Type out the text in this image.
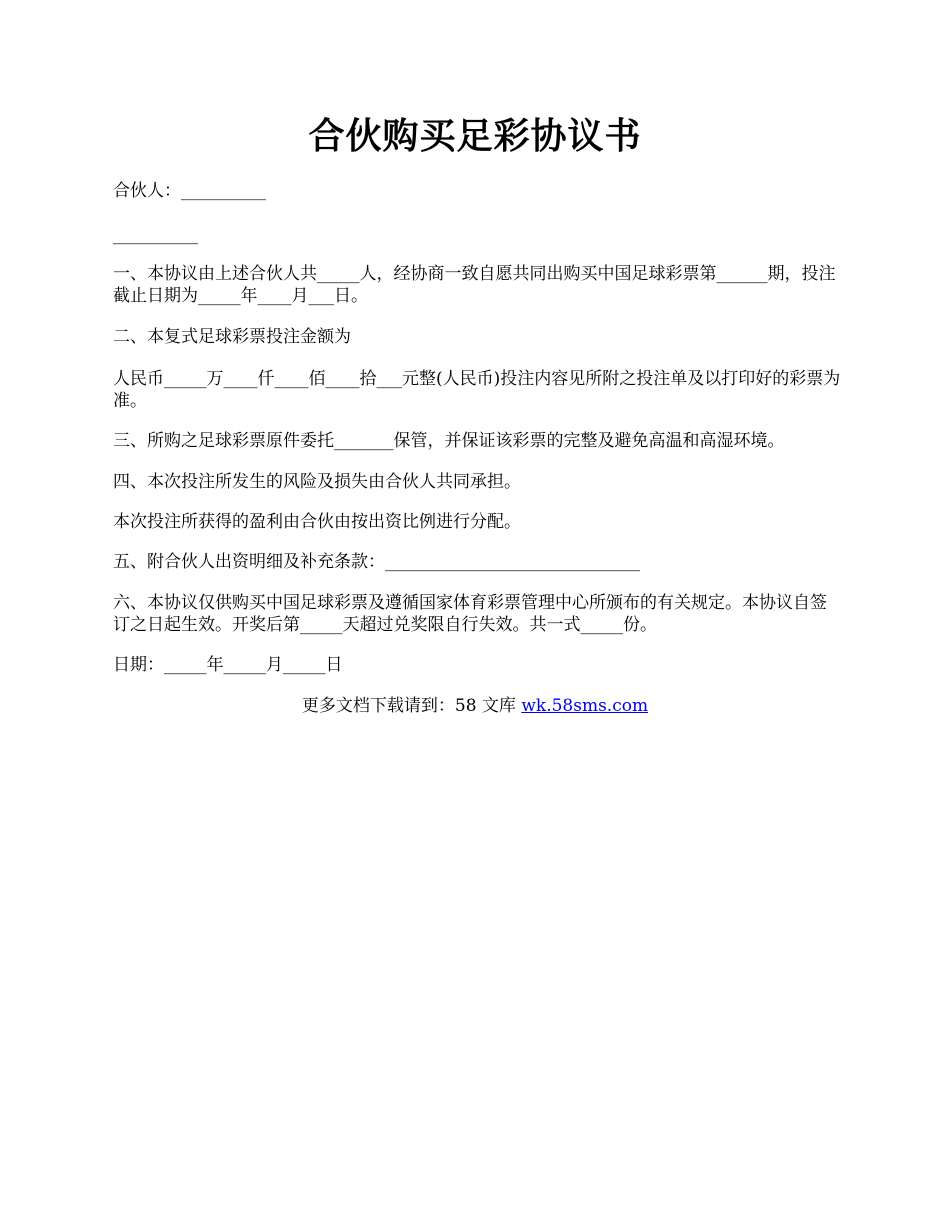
合伙购买足彩协议书

合伙人：__________

__________

一、本协议由上述合伙人共_____人，经协商一致自愿共同出购买中国足球彩票第______期，投注截止日期为_____年____月___日。

二、本复式足球彩票投注金额为

人民币_____万____仟____佰____拾___元整(人民币)投注内容见所附之投注单及以打印好的彩票为准。

三、所购之足球彩票原件委托_______保管，并保证该彩票的完整及避免高温和高湿环境。

四、本次投注所发生的风险及损失由合伙人共同承担。

本次投注所获得的盈利由合伙由按出资比例进行分配。

五、附合伙人出资明细及补充条款：______________________________

六、本协议仅供购买中国足球彩票及遵循国家体育彩票管理中心所颁布的有关规定。本协议自签订之日起生效。开奖后第_____天超过兑奖限自行失效。共一式_____份。

日期：_____年_____月_____日

更多文档下载请到：58 文库 wk.58sms.com
